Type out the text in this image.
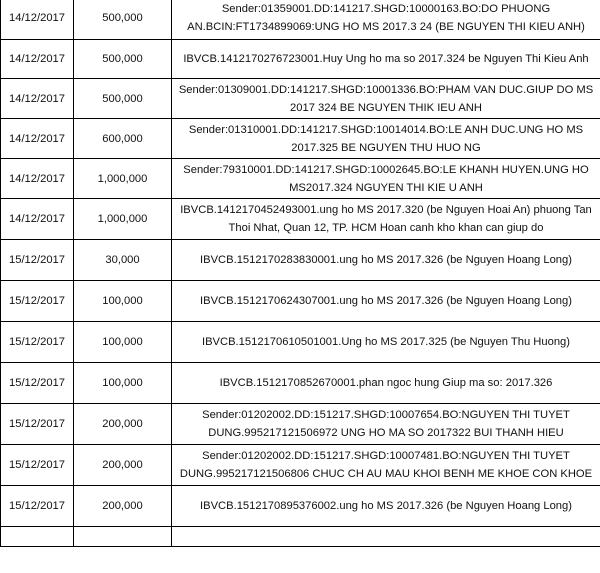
14/12/2017	500,000	Sender:01359001.DD:141217.SHGD:10000163.BO:DO PHUONG AN.BCIN:FT1734899069:UNG HO MS 2017.3 24 (BE NGUYEN THI KIEU ANH)
14/12/2017	500,000	IBVCB.1412170276723001.Huy Ung ho ma so 2017.324 be Nguyen Thi Kieu Anh
14/12/2017	500,000	Sender:01309001.DD:141217.SHGD:10001336.BO:PHAM VAN DUC.GIUP DO MS 2017 324 BE NGUYEN THIK IEU ANH
14/12/2017	600,000	Sender:01310001.DD:141217.SHGD:10014014.BO:LE ANH DUC.UNG HO MS 2017.325 BE NGUYEN THU HUO NG
14/12/2017	1,000,000	Sender:79310001.DD:141217.SHGD:10002645.BO:LE KHANH HUYEN.UNG HO MS2017.324 NGUYEN THI KIE U ANH
14/12/2017	1,000,000	IBVCB.1412170452493001.ung ho MS 2017.320 (be Nguyen Hoai An) phuong Tan Thoi Nhat, Quan 12, TP. HCM Hoan canh kho khan can giup do
15/12/2017	30,000	IBVCB.1512170283830001.ung ho MS 2017.326 (be Nguyen Hoang Long)
15/12/2017	100,000	IBVCB.1512170624307001.ung ho MS 2017.326 (be Nguyen Hoang Long)
15/12/2017	100,000	IBVCB.1512170610501001.Ung ho MS 2017.325 (be Nguyen Thu Huong)
15/12/2017	100,000	IBVCB.1512170852670001.phan ngoc hung Giup ma so: 2017.326
15/12/2017	200,000	Sender:01202002.DD:151217.SHGD:10007654.BO:NGUYEN THI TUYET DUNG.995217121506972 UNG HO MA SO 2017322 BUI THANH HIEU
15/12/2017	200,000	Sender:01202002.DD:151217.SHGD:10007481.BO:NGUYEN THI TUYET DUNG.995217121506806 CHUC CH AU MAU KHOI BENH ME KHOE CON KHOE
15/12/2017	200,000	IBVCB.1512170895376002.ung ho MS 2017.326 (be Nguyen Hoang Long)
